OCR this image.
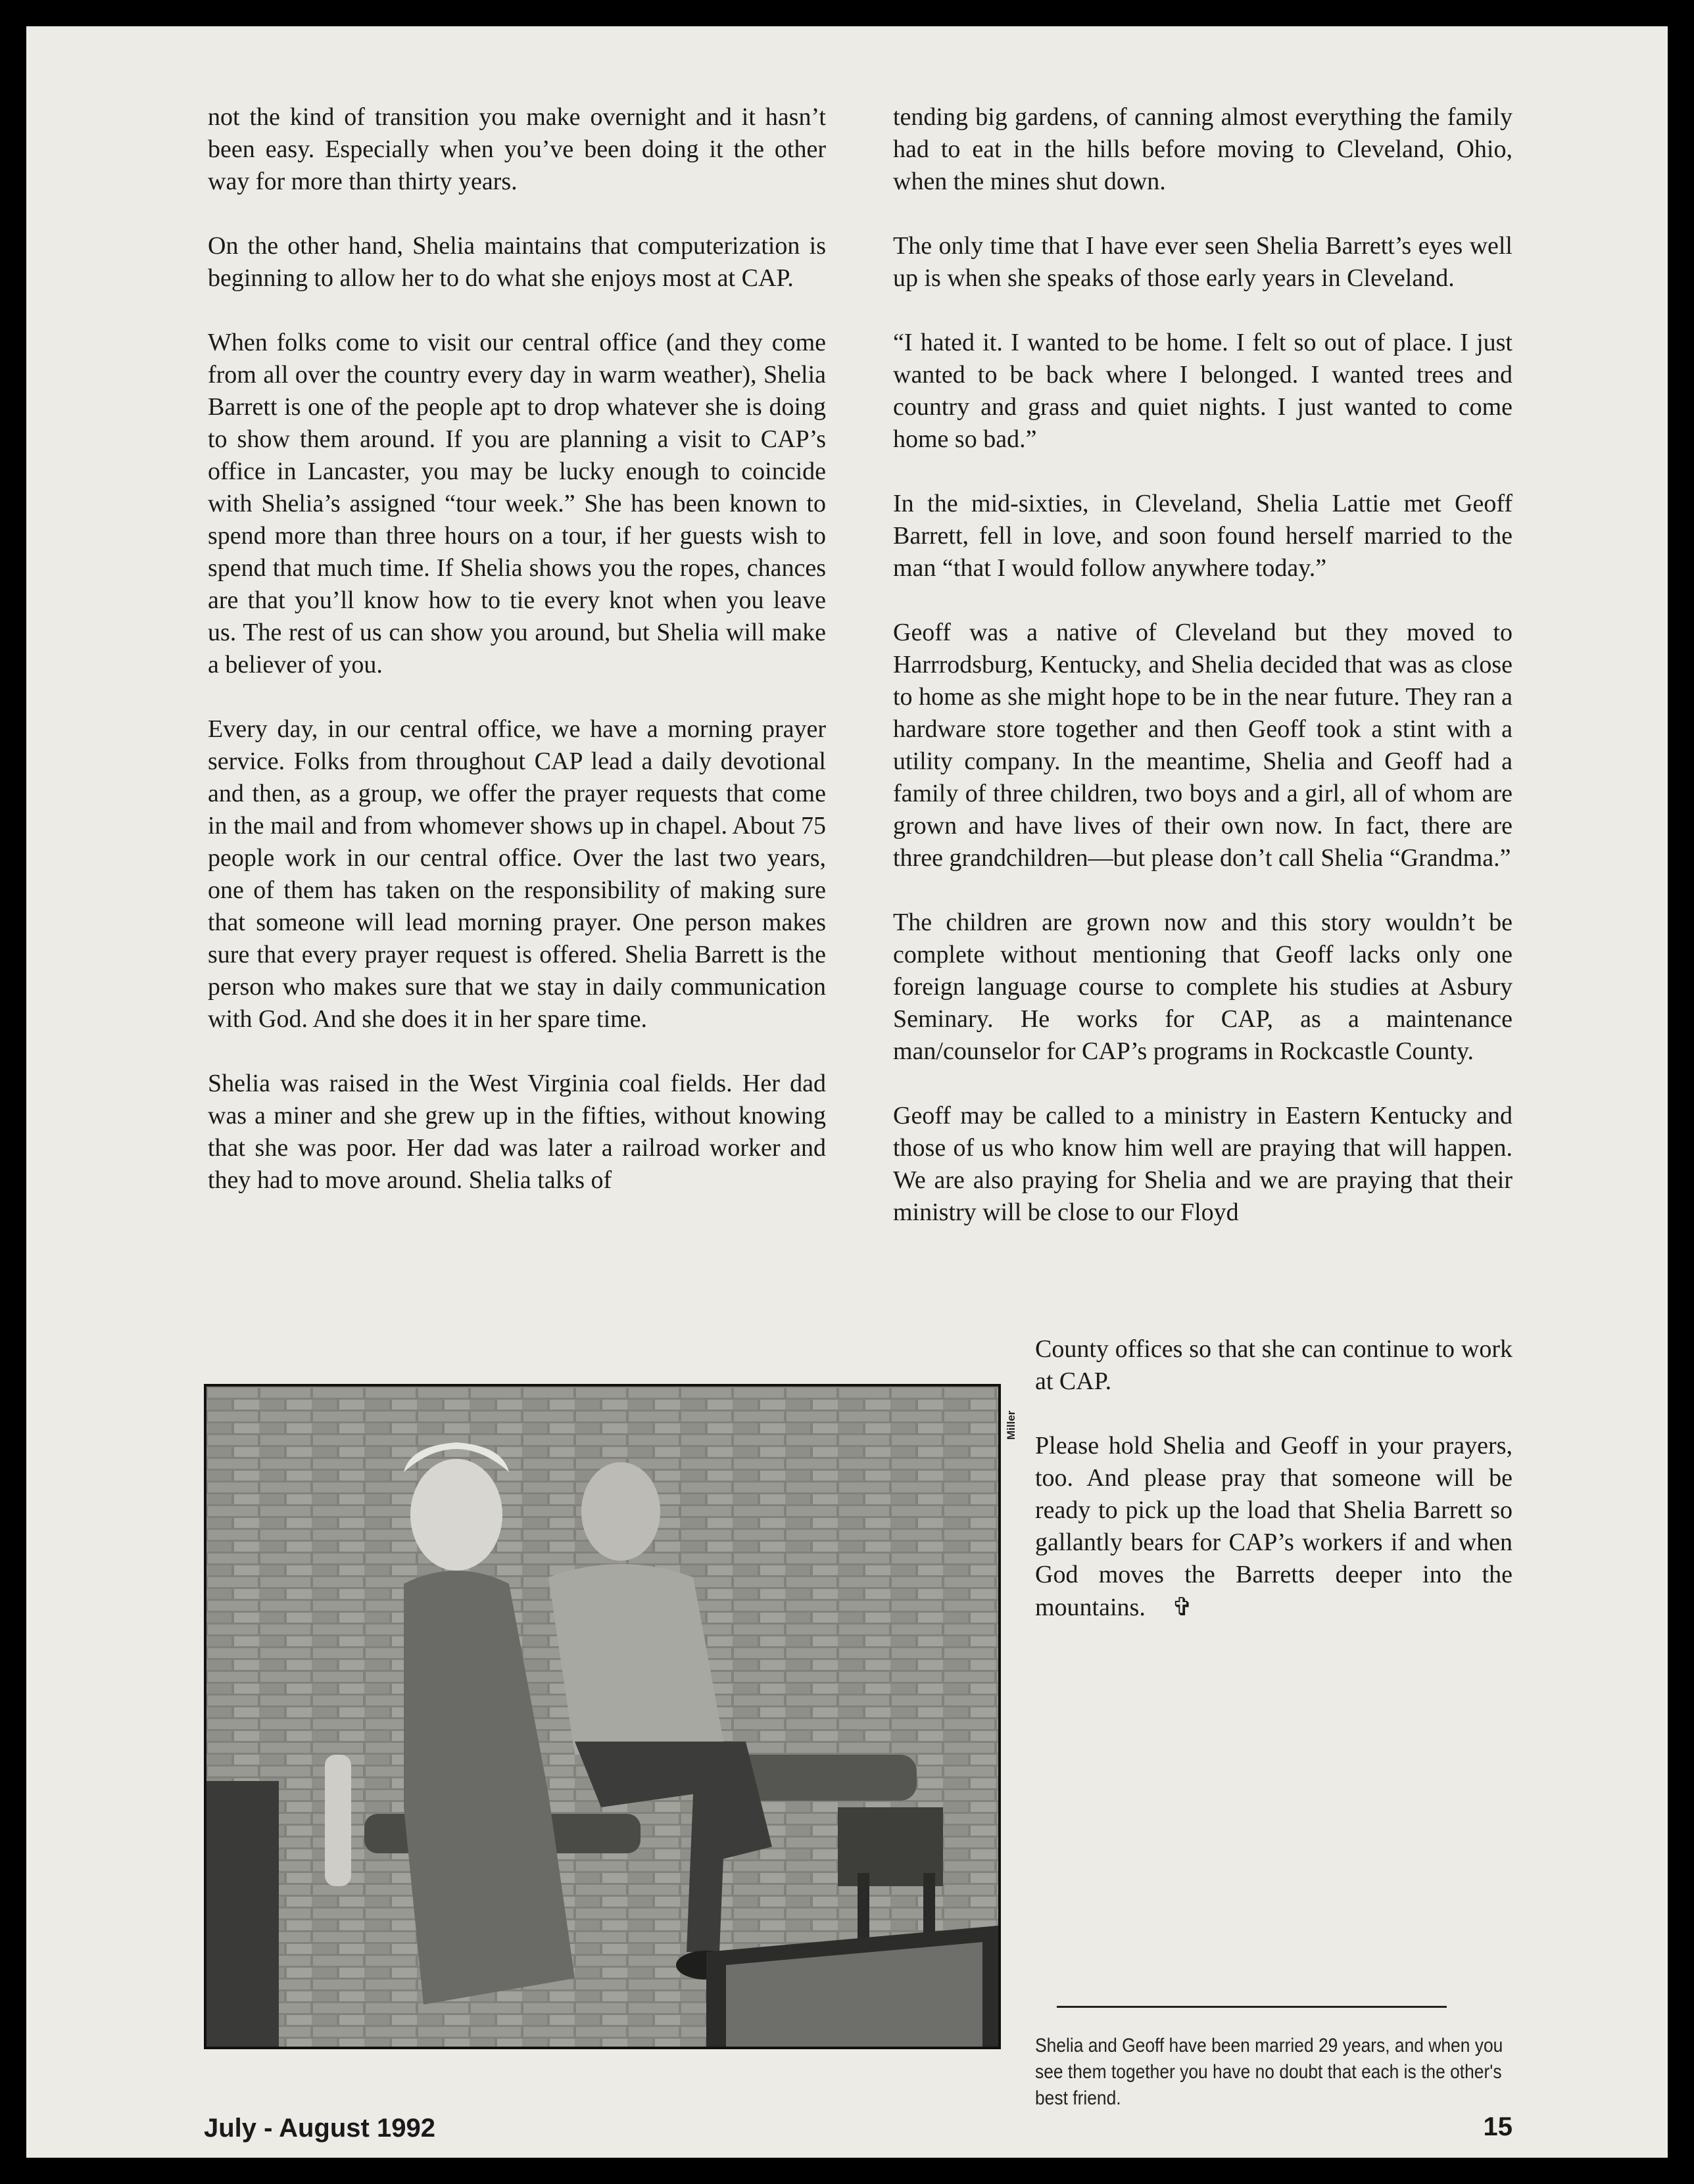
not the kind of transition you make overnight and it hasn’t been easy. Especially when you’ve been doing it the other way for more than thirty years.

On the other hand, Shelia maintains that computerization is beginning to allow her to do what she enjoys most at CAP.

When folks come to visit our central office (and they come from all over the country every day in warm weather), Shelia Barrett is one of the people apt to drop whatever she is doing to show them around. If you are planning a visit to CAP’s office in Lancaster, you may be lucky enough to coincide with Shelia’s assigned “tour week.” She has been known to spend more than three hours on a tour, if her guests wish to spend that much time. If Shelia shows you the ropes, chances are that you’ll know how to tie every knot when you leave us. The rest of us can show you around, but Shelia will make a believer of you.

Every day, in our central office, we have a morning prayer service. Folks from throughout CAP lead a daily devotional and then, as a group, we offer the prayer requests that come in the mail and from whomever shows up in chapel. About 75 people work in our central office. Over the last two years, one of them has taken on the responsibility of making sure that someone will lead morning prayer. One person makes sure that every prayer request is offered. Shelia Barrett is the person who makes sure that we stay in daily communication with God. And she does it in her spare time.

Shelia was raised in the West Virginia coal fields. Her dad was a miner and she grew up in the fifties, without knowing that she was poor. Her dad was later a railroad worker and they had to move around. Shelia talks of

tending big gardens, of canning almost everything the family had to eat in the hills before moving to Cleveland, Ohio, when the mines shut down.

The only time that I have ever seen Shelia Barrett’s eyes well up is when she speaks of those early years in Cleveland.

“I hated it. I wanted to be home. I felt so out of place. I just wanted to be back where I belonged. I wanted trees and country and grass and quiet nights. I just wanted to come home so bad.”

In the mid-sixties, in Cleveland, Shelia Lattie met Geoff Barrett, fell in love, and soon found herself married to the man “that I would follow anywhere today.”

Geoff was a native of Cleveland but they moved to Harrrodsburg, Kentucky, and Shelia decided that was as close to home as she might hope to be in the near future. They ran a hardware store together and then Geoff took a stint with a utility company. In the meantime, Shelia and Geoff had a family of three children, two boys and a girl, all of whom are grown and have lives of their own now. In fact, there are three grandchildren—but please don’t call Shelia “Grandma.”

The children are grown now and this story wouldn’t be complete without mentioning that Geoff lacks only one foreign language course to complete his studies at Asbury Seminary. He works for CAP, as a maintenance man/counselor for CAP’s programs in Rockcastle County.

Geoff may be called to a ministry in Eastern Kentucky and those of us who know him well are praying that will happen. We are also praying for Shelia and we are praying that their ministry will be close to our Floyd

County offices so that she can continue to work at CAP.

Please hold Shelia and Geoff in your prayers, too. And please pray that someone will be ready to pick up the load that Shelia Barrett so gallantly bears for CAP’s workers if and when God moves the Barretts deeper into the mountains. ✞

Miller
Shelia and Geoff have been married 29 years, and when you see them together you have no doubt that each is the other's best friend.
July - August 1992	15
